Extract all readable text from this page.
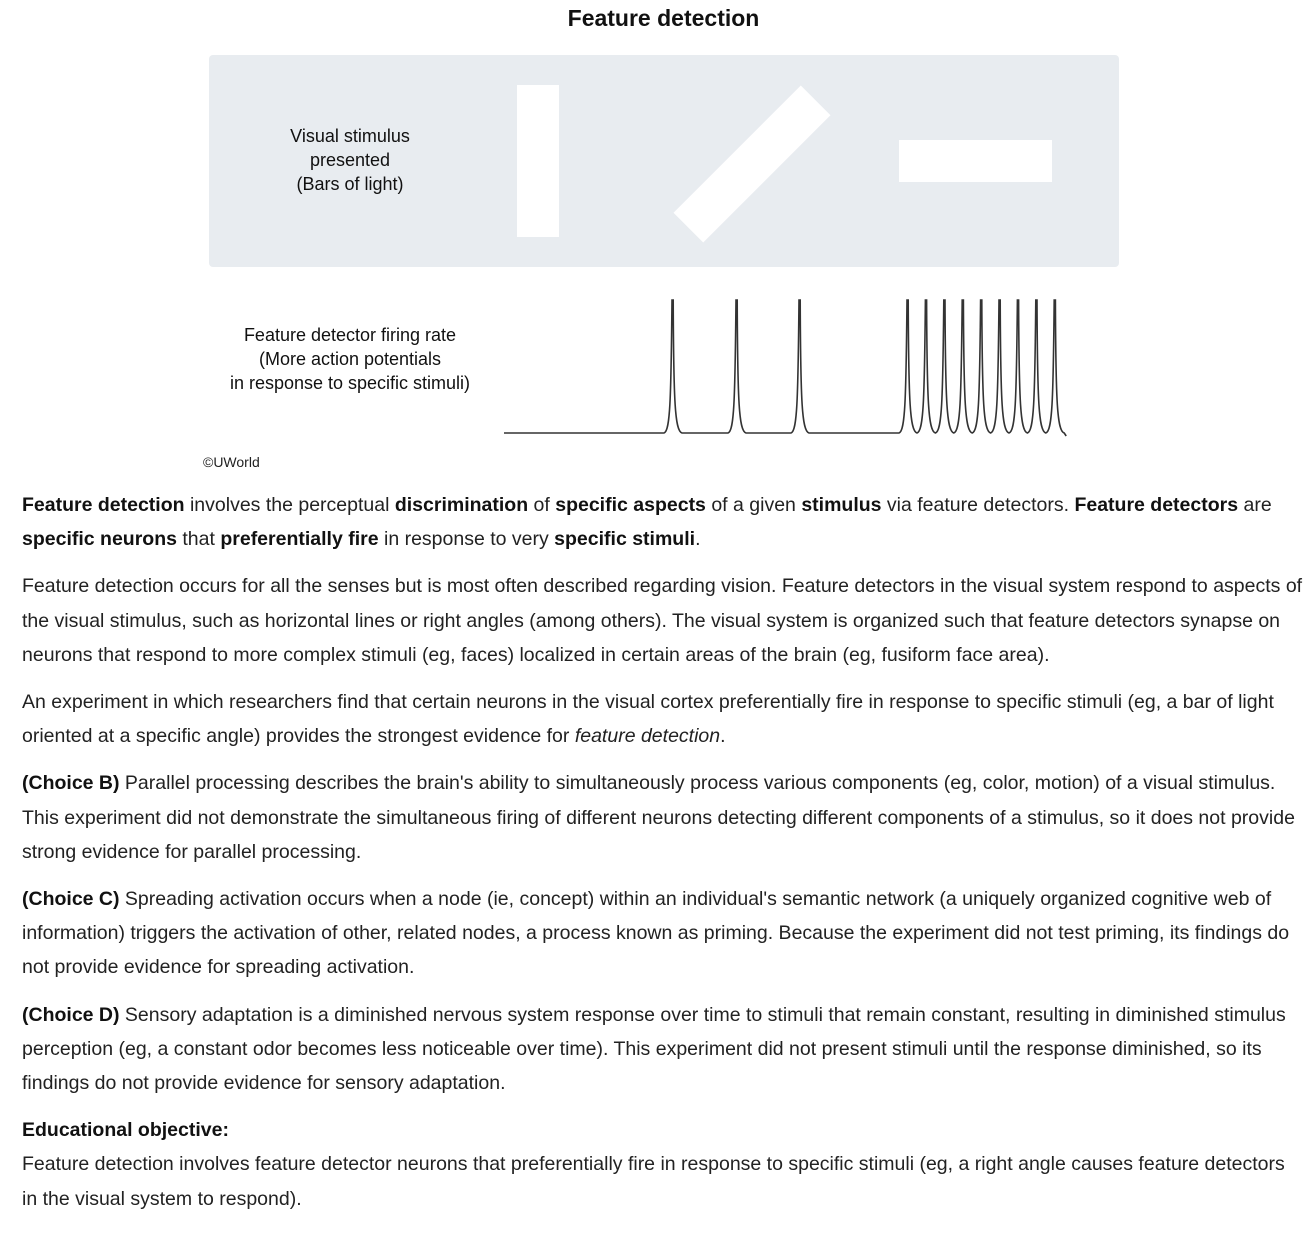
Feature detection
Visual stimulus
presented
(Bars of light)
Feature detector firing rate
(More action potentials
in response to specific stimuli)
©UWorld

Feature detection involves the perceptual discrimination of specific aspects of a given stimulus via feature detectors. Feature detectors are specific neurons that preferentially fire in response to very specific stimuli.

Feature detection occurs for all the senses but is most often described regarding vision. Feature detectors in the visual system respond to aspects of the visual stimulus, such as horizontal lines or right angles (among others). The visual system is organized such that feature detectors synapse on neurons that respond to more complex stimuli (eg, faces) localized in certain areas of the brain (eg, fusiform face area).

An experiment in which researchers find that certain neurons in the visual cortex preferentially fire in response to specific stimuli (eg, a bar of light oriented at a specific angle) provides the strongest evidence for feature detection.

(Choice B) Parallel processing describes the brain's ability to simultaneously process various components (eg, color, motion) of a visual stimulus. This experiment did not demonstrate the simultaneous firing of different neurons detecting different components of a stimulus, so it does not provide strong evidence for parallel processing.

(Choice C) Spreading activation occurs when a node (ie, concept) within an individual's semantic network (a uniquely organized cognitive web of information) triggers the activation of other, related nodes, a process known as priming. Because the experiment did not test priming, its findings do not provide evidence for spreading activation.

(Choice D) Sensory adaptation is a diminished nervous system response over time to stimuli that remain constant, resulting in diminished stimulus perception (eg, a constant odor becomes less noticeable over time). This experiment did not present stimuli until the response diminished, so its findings do not provide evidence for sensory adaptation.

Educational objective:
Feature detection involves feature detector neurons that preferentially fire in response to specific stimuli (eg, a right angle causes feature detectors in the visual system to respond).
